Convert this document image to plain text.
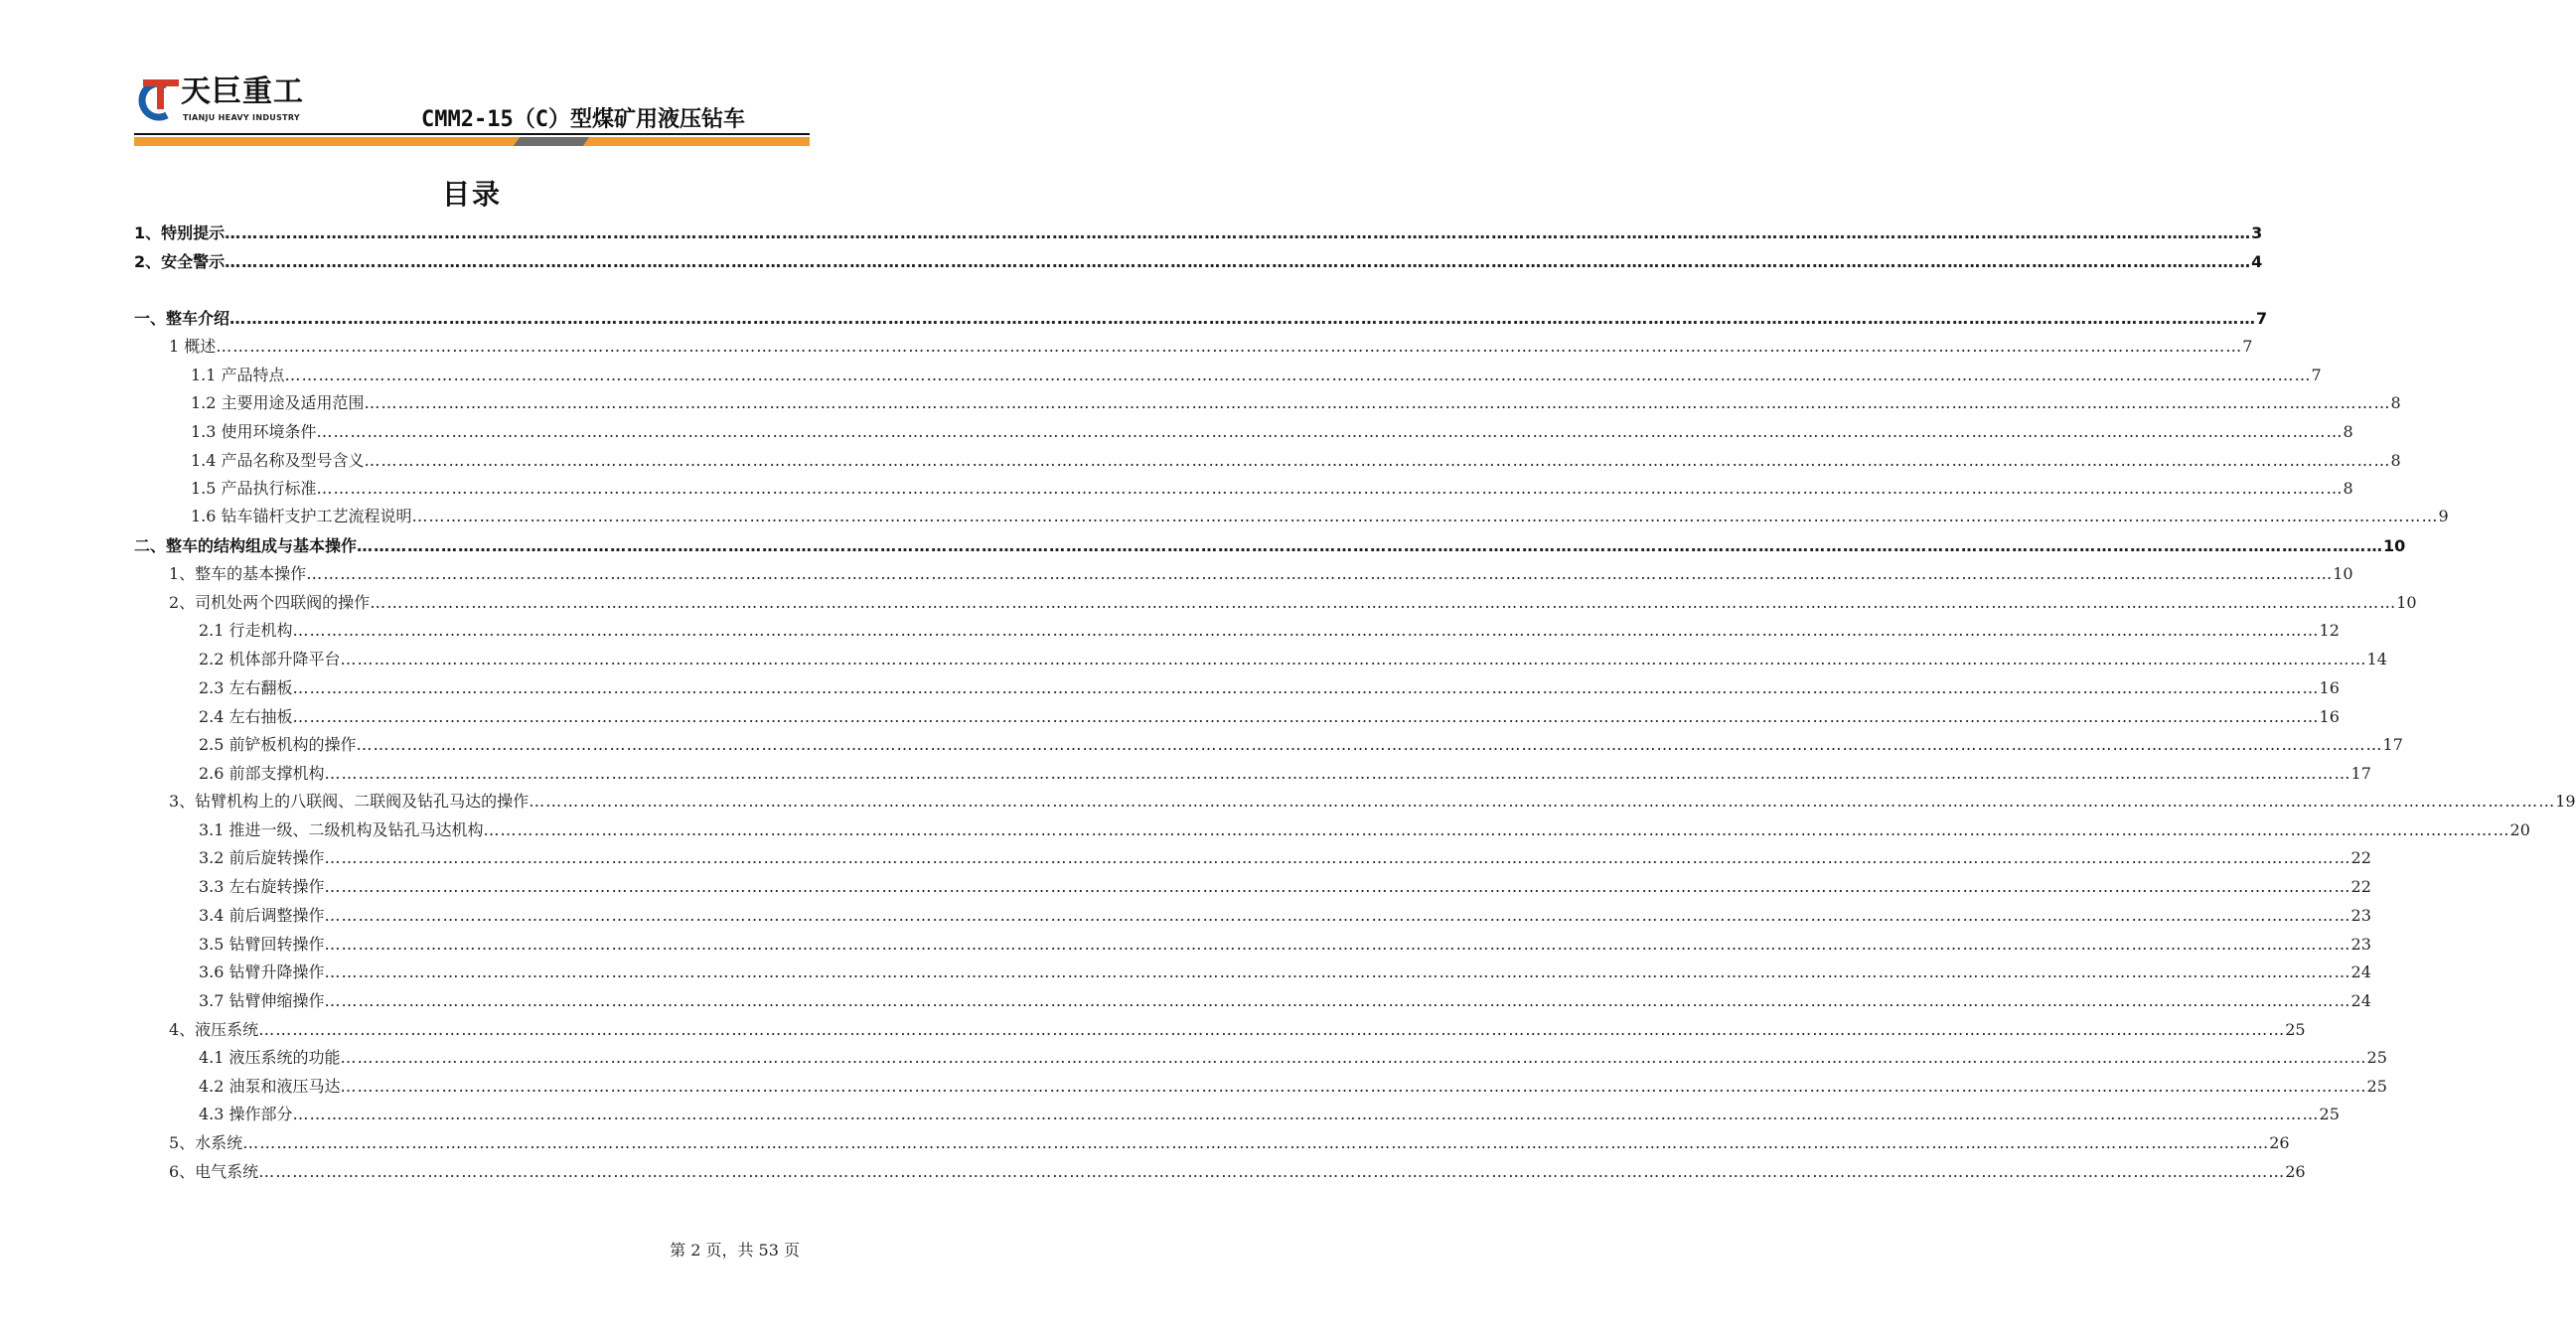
天巨重工
TIANJU HEAVY INDUSTRY	CMM2-15（C）型煤矿用液压钻车
目录
1、特别提示 ……………………………………………………………………………………………………………………………………………………………………………………………………………………………………………………………………………………………………………………………… 3
2、安全警示 ……………………………………………………………………………………………………………………………………………………………………………………………………………………………………………………………………………………………………………………………… 4
一、整车介绍 ……………………………………………………………………………………………………………………………………………………………………………………………………………………………………………………………………………………………………………………………… 7
1 概述 ……………………………………………………………………………………………………………………………………………………………………………………………………………………………………………………………………………………………………………………………… 7
1.1 产品特点 ……………………………………………………………………………………………………………………………………………………………………………………………………………………………………………………………………………………………………………………………… 7
1.2 主要用途及适用范围 ……………………………………………………………………………………………………………………………………………………………………………………………………………………………………………………………………………………………………………………………… 8
1.3 使用环境条件 ……………………………………………………………………………………………………………………………………………………………………………………………………………………………………………………………………………………………………………………………… 8
1.4 产品名称及型号含义 ……………………………………………………………………………………………………………………………………………………………………………………………………………………………………………………………………………………………………………………………… 8
1.5 产品执行标准 ……………………………………………………………………………………………………………………………………………………………………………………………………………………………………………………………………………………………………………………………… 8
1.6 钻车锚杆支护工艺流程说明 ……………………………………………………………………………………………………………………………………………………………………………………………………………………………………………………………………………………………………………………………… 9
二、整车的结构组成与基本操作 ……………………………………………………………………………………………………………………………………………………………………………………………………………………………………………………………………………………………………………………………… 10
1、整车的基本操作 ……………………………………………………………………………………………………………………………………………………………………………………………………………………………………………………………………………………………………………………………… 10
2、司机处两个四联阀的操作 ……………………………………………………………………………………………………………………………………………………………………………………………………………………………………………………………………………………………………………………………… 10
2.1 行走机构 ……………………………………………………………………………………………………………………………………………………………………………………………………………………………………………………………………………………………………………………………… 12
2.2 机体部升降平台 ……………………………………………………………………………………………………………………………………………………………………………………………………………………………………………………………………………………………………………………………… 14
2.3 左右翻板 ……………………………………………………………………………………………………………………………………………………………………………………………………………………………………………………………………………………………………………………………… 16
2.4 左右抽板 ……………………………………………………………………………………………………………………………………………………………………………………………………………………………………………………………………………………………………………………………… 16
2.5 前铲板机构的操作 ……………………………………………………………………………………………………………………………………………………………………………………………………………………………………………………………………………………………………………………………… 17
2.6 前部支撑机构 ……………………………………………………………………………………………………………………………………………………………………………………………………………………………………………………………………………………………………………………………… 17
3、钻臂机构上的八联阀、二联阀及钻孔马达的操作 ……………………………………………………………………………………………………………………………………………………………………………………………………………………………………………………………………………………………………………………………… 19
3.1 推进一级、二级机构及钻孔马达机构 ……………………………………………………………………………………………………………………………………………………………………………………………………………………………………………………………………………………………………………………………… 20
3.2 前后旋转操作 ……………………………………………………………………………………………………………………………………………………………………………………………………………………………………………………………………………………………………………………………… 22
3.3 左右旋转操作 ……………………………………………………………………………………………………………………………………………………………………………………………………………………………………………………………………………………………………………………………… 22
3.4 前后调整操作 ……………………………………………………………………………………………………………………………………………………………………………………………………………………………………………………………………………………………………………………………… 23
3.5 钻臂回转操作 ……………………………………………………………………………………………………………………………………………………………………………………………………………………………………………………………………………………………………………………………… 23
3.6 钻臂升降操作 ……………………………………………………………………………………………………………………………………………………………………………………………………………………………………………………………………………………………………………………………… 24
3.7 钻臂伸缩操作 ……………………………………………………………………………………………………………………………………………………………………………………………………………………………………………………………………………………………………………………………… 24
4、液压系统 ……………………………………………………………………………………………………………………………………………………………………………………………………………………………………………………………………………………………………………………………… 25
4.1 液压系统的功能 ……………………………………………………………………………………………………………………………………………………………………………………………………………………………………………………………………………………………………………………………… 25
4.2 油泵和液压马达 ……………………………………………………………………………………………………………………………………………………………………………………………………………………………………………………………………………………………………………………………… 25
4.3 操作部分 ……………………………………………………………………………………………………………………………………………………………………………………………………………………………………………………………………………………………………………………………… 25
5、水系统 ……………………………………………………………………………………………………………………………………………………………………………………………………………………………………………………………………………………………………………………………… 26
6、电气系统 ……………………………………………………………………………………………………………………………………………………………………………………………………………………………………………………………………………………………………………………………… 26
第 2 页，共 53 页
